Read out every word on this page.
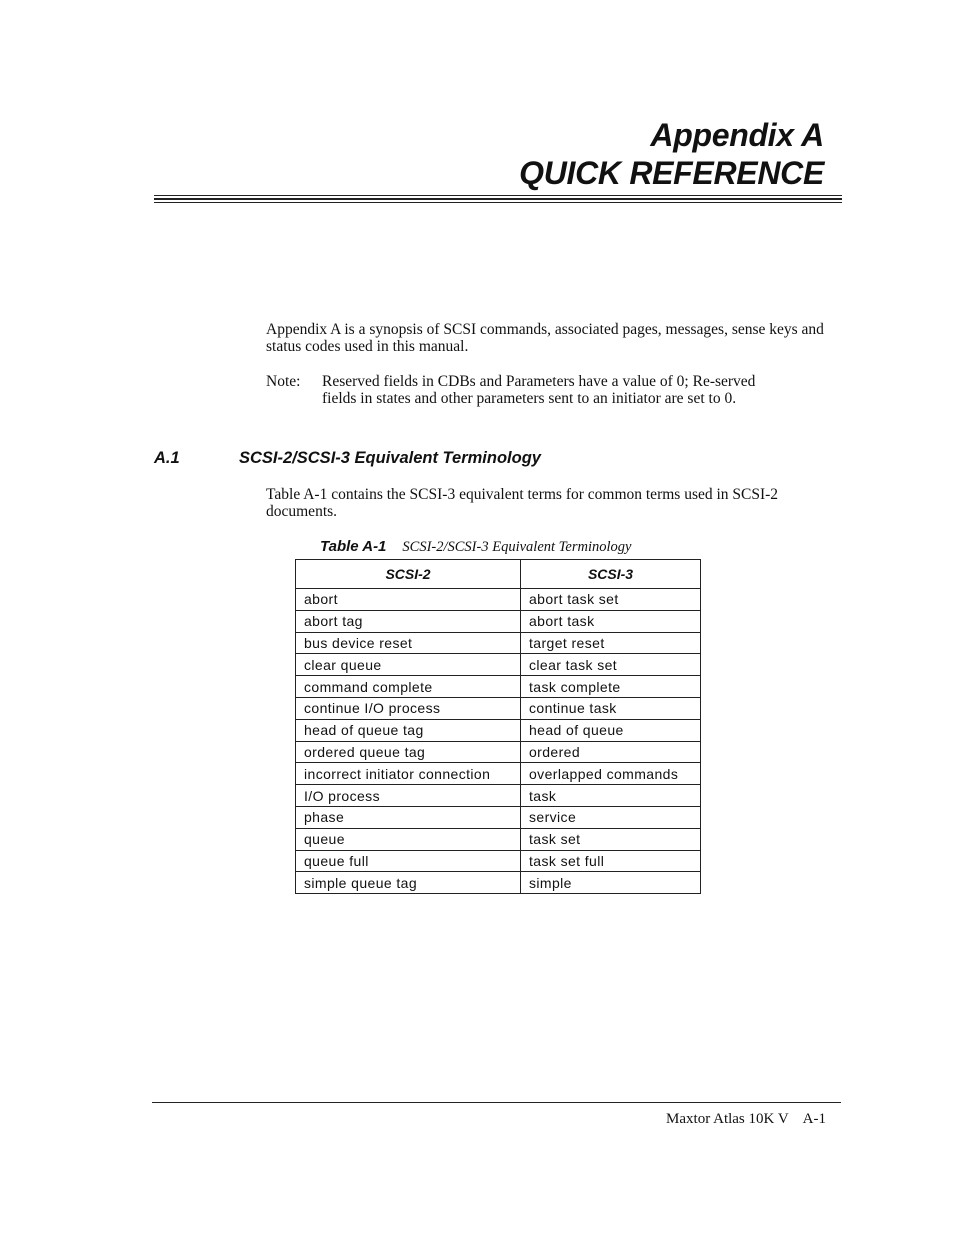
Appendix A
QUICK REFERENCE
Appendix A is a synopsis of SCSI commands, associated pages, messages, sense keys and status codes used in this manual.
Note: Reserved fields in CDBs and Parameters have a value of 0; Re-served fields in states and other parameters sent to an initiator are set to 0.
A.1	SCSI-2/SCSI-3 Equivalent Terminology
Table A-1 contains the SCSI-3 equivalent terms for common terms used in SCSI-2 documents.
Table A-1 SCSI-2/SCSI-3 Equivalent Terminology
SCSI-2	SCSI-3
abort	abort task set
abort tag	abort task
bus device reset	target reset
clear queue	clear task set
command complete	task complete
continue I/O process	continue task
head of queue tag	head of queue
ordered queue tag	ordered
incorrect initiator connection	overlapped commands
I/O process	task
phase	service
queue	task set
queue full	task set full
simple queue tag	simple
Maxtor Atlas 10K V A-1
